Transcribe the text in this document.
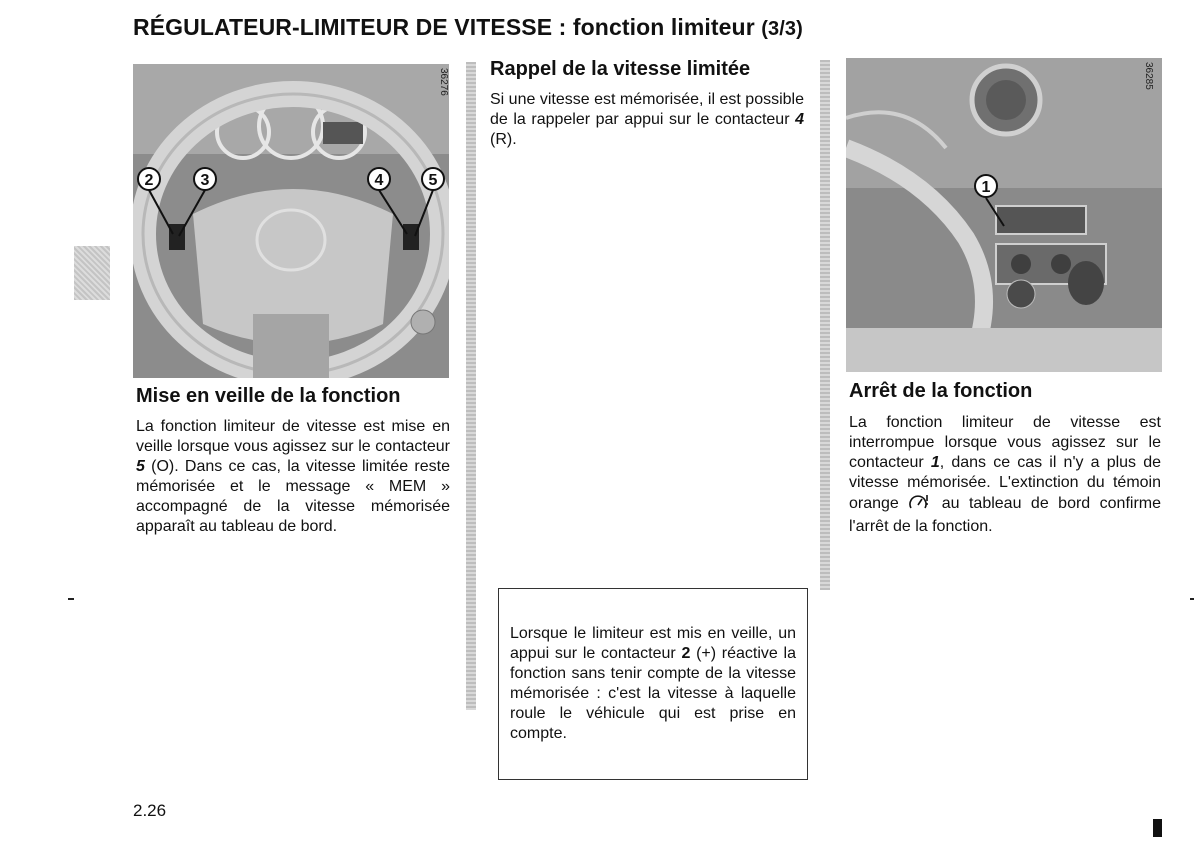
RÉGULATEUR-LIMITEUR DE VITESSE : fonction limiteur (3/3)
2	3	4	5
36276
Mise en veille de la fonction
La fonction limiteur de vitesse est mise en veille lorsque vous agissez sur le contacteur 5 (O). Dans ce cas, la vitesse limitée reste mémorisée et le message « MEM » accompagné de la vitesse mémorisée apparaît au tableau de bord.
Rappel de la vitesse limitée
Si une vitesse est mémorisée, il est possible de la rappeler par appui sur le contacteur 4 (R).
Lorsque le limiteur est mis en veille, un appui sur le contacteur 2 (+) réactive la fonction sans tenir compte de la vitesse mémorisée : c'est la vitesse à laquelle roule le véhicule qui est prise en compte.
1
36285
Arrêt de la fonction
La fonction limiteur de vitesse est interrompue lorsque vous agissez sur le contacteur 1, dans ce cas il n'y a plus de vitesse mémorisée. L'extinction du témoin orange  au tableau de bord confirme l'arrêt de la fonction.
2.26
